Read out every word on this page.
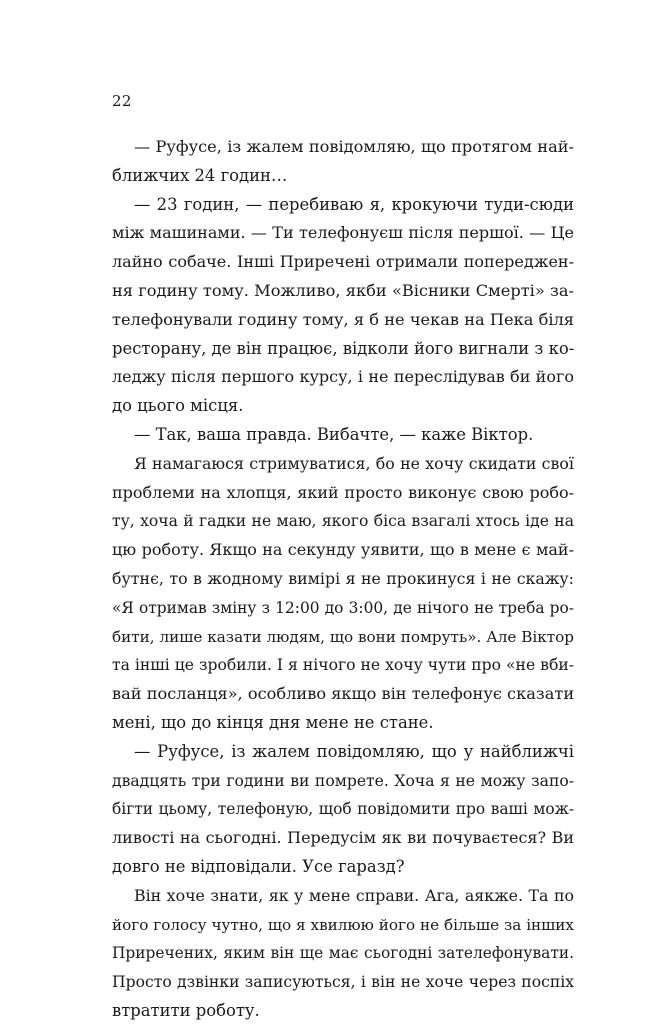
22
— Руфусе, із жалем повідомляю, що протягом най-
ближчих 24 годин…
— 23 годин, — перебиваю я, крокуючи туди-сюди
між машинами. — Ти телефонуєш після першої. — Це
лайно собаче. Інші Приречені отримали попереджен-
ня годину тому. Можливо, якби «Вісники Смерті» за-
телефонували годину тому, я б не чекав на Пека біля
ресторану, де він працює, відколи його вигнали з ко-
леджу після першого курсу, і не переслідував би його
до цього місця.
— Так, ваша правда. Вибачте, — каже Віктор.
Я намагаюся стримуватися, бо не хочу скидати свої
проблеми на хлопця, який просто виконує свою робо-
ту, хоча й гадки не маю, якого біса взагалі хтось іде на
цю роботу. Якщо на секунду уявити, що в мене є май-
бутнє, то в жодному вимірі я не прокинуся і не скажу:
«Я отримав зміну з 12:00 до 3:00, де нічого не треба ро-
бити, лише казати людям, що вони помруть». Але Віктор
та інші це зробили. І я нічого не хочу чути про «не вби-
вай посланця», особливо якщо він телефонує сказати
мені, що до кінця дня мене не стане.
— Руфусе, із жалем повідомляю, що у найближчі
двадцять три години ви помрете. Хоча я не можу запо-
бігти цьому, телефоную, щоб повідомити про ваші мож-
ливості на сьогодні. Передусім як ви почуваєтеся? Ви
довго не відповідали. Усе гаразд?
Він хоче знати, як у мене справи. Ага, аякже. Та по
його голосу чутно, що я хвилюю його не більше за інших
Приречених, яким він ще має сьогодні зателефонувати.
Просто дзвінки записуються, і він не хоче через поспіх
втратити роботу.
